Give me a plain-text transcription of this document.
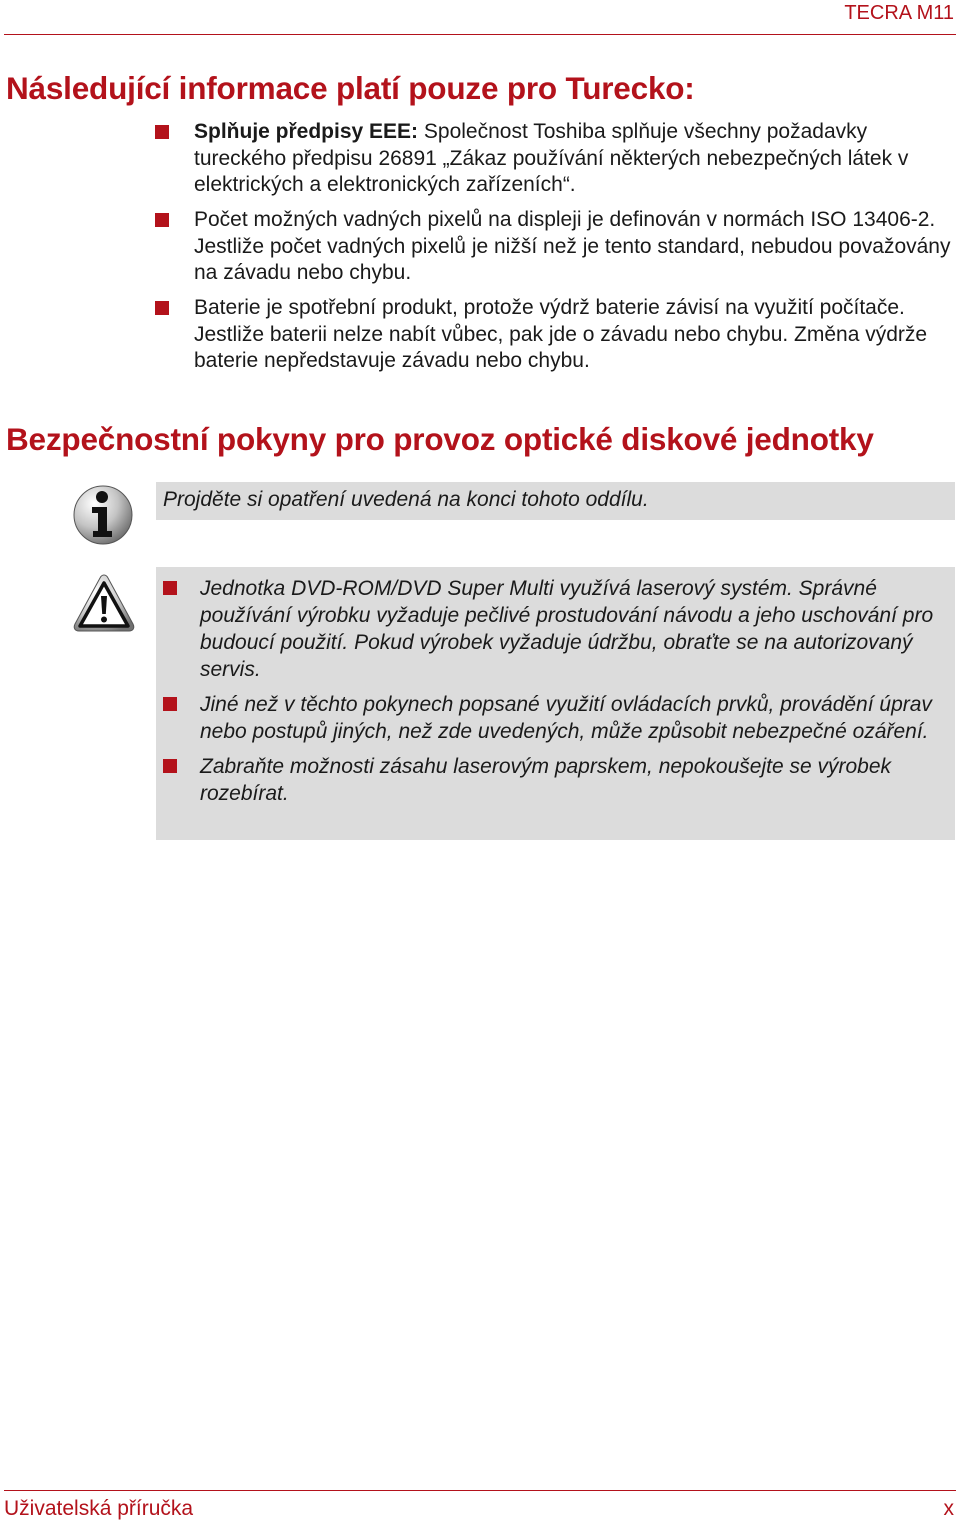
TECRA M11
Následující informace platí pouze pro Turecko:
Splňuje předpisy EEE: Společnost Toshiba splňuje všechny požadavky tureckého předpisu 26891 „Zákaz používání některých nebezpečných látek v elektrických a elektronických zařízeních“.
Počet možných vadných pixelů na displeji je definován v normách ISO 13406-2. Jestliže počet vadných pixelů je nižší než je tento standard, nebudou považovány na závadu nebo chybu.
Baterie je spotřební produkt, protože výdrž baterie závisí na využití počítače. Jestliže baterii nelze nabít vůbec, pak jde o závadu nebo chybu. Změna výdrže baterie nepředstavuje závadu nebo chybu.
Bezpečnostní pokyny pro provoz optické diskové jednotky
Projděte si opatření uvedená na konci tohoto oddílu.
Jednotka DVD-ROM/DVD Super Multi využívá laserový systém. Správné používání výrobku vyžaduje pečlivé prostudování návodu a jeho uschování pro budoucí použití. Pokud výrobek vyžaduje údržbu, obraťte se na autorizovaný servis.
Jiné než v těchto pokynech popsané využití ovládacích prvků, provádění úprav nebo postupů jiných, než zde uvedených, může způsobit nebezpečné ozáření.
Zabraňte možnosti zásahu laserovým paprskem, nepokoušejte se výrobek rozebírat.
Uživatelská příručka	x
